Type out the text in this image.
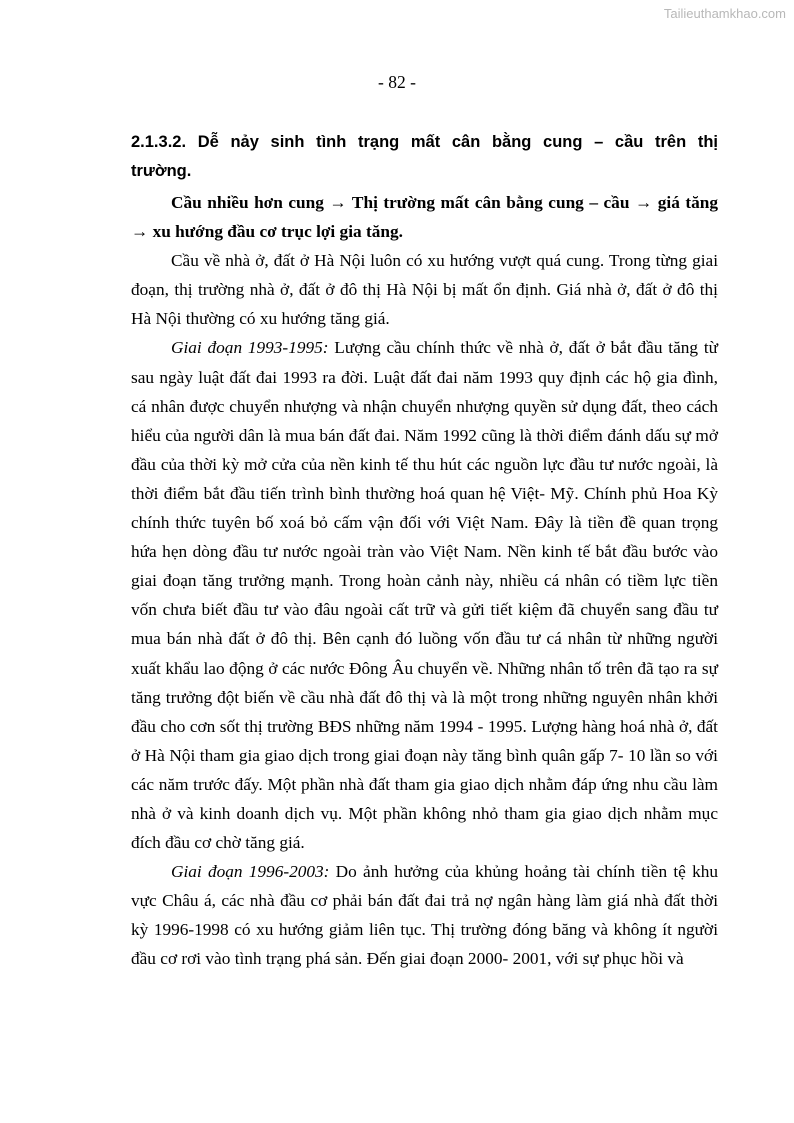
Tailieuthamkhao.com
- 82 -

2.1.3.2. Dễ nảy sinh tình trạng mất cân bằng cung – cầu trên thị trường.

Cầu nhiều hơn cung → Thị trường mất cân bằng cung – cầu → giá tăng → xu hướng đầu cơ trục lợi gia tăng.

Cầu về nhà ở, đất ở Hà Nội luôn có xu hướng vượt quá cung. Trong từng giai đoạn, thị trường nhà ở, đất ở đô thị Hà Nội bị mất ổn định. Giá nhà ở, đất ở đô thị Hà Nội thường có xu hướng tăng giá.

Giai đoạn 1993-1995: Lượng cầu chính thức về nhà ở, đất ở bắt đầu tăng từ sau ngày luật đất đai 1993 ra đời. Luật đất đai năm 1993 quy định các hộ gia đình, cá nhân được chuyển nhượng và nhận chuyển nhượng quyền sử dụng đất, theo cách hiểu của người dân là mua bán đất đai. Năm 1992 cũng là thời điểm đánh dấu sự mở đầu của thời kỳ mở cửa của nền kinh tế thu hút các nguồn lực đầu tư nước ngoài, là thời điểm bắt đầu tiến trình bình thường hoá quan hệ Việt- Mỹ. Chính phủ Hoa Kỳ chính thức tuyên bố xoá bỏ cấm vận đối với Việt Nam. Đây là tiền đề quan trọng hứa hẹn dòng đầu tư nước ngoài tràn vào Việt Nam. Nền kinh tế bắt đầu bước vào giai đoạn tăng trưởng mạnh. Trong hoàn cảnh này, nhiều cá nhân có tiềm lực tiền vốn chưa biết đầu tư vào đâu ngoài cất trữ và gửi tiết kiệm đã chuyển sang đầu tư mua bán nhà đất ở đô thị. Bên cạnh đó luồng vốn đầu tư cá nhân từ những người xuất khẩu lao động ở các nước Đông Âu chuyển về. Những nhân tố trên đã tạo ra sự tăng trưởng đột biến về cầu nhà đất đô thị và là một trong những nguyên nhân khởi đầu cho cơn sốt thị trường BĐS những năm 1994 - 1995. Lượng hàng hoá nhà ở, đất ở Hà Nội tham gia giao dịch trong giai đoạn này tăng bình quân gấp 7- 10 lần so với các năm trước đấy. Một phần nhà đất tham gia giao dịch nhằm đáp ứng nhu cầu làm nhà ở và kinh doanh dịch vụ. Một phần không nhỏ tham gia giao dịch nhằm mục đích đầu cơ chờ tăng giá.

Giai đoạn 1996-2003: Do ảnh hưởng của khủng hoảng tài chính tiền tệ khu vực Châu á, các nhà đầu cơ phải bán đất đai trả nợ ngân hàng làm giá nhà đất thời kỳ 1996-1998 có xu hướng giảm liên tục. Thị trường đóng băng và không ít người đầu cơ rơi vào tình trạng phá sản. Đến giai đoạn 2000- 2001, với sự phục hồi và
